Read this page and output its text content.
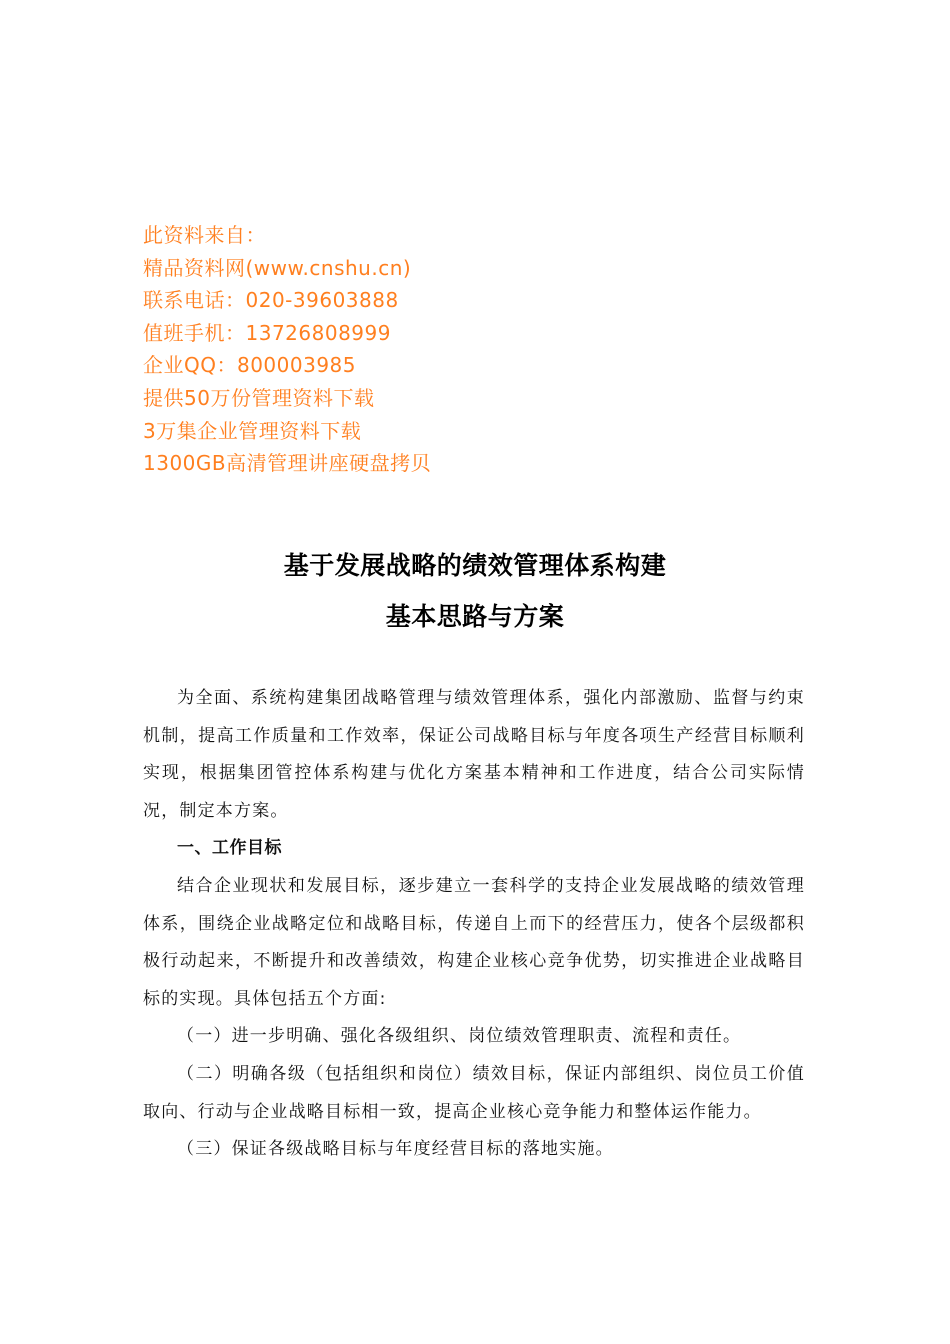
此资料来自：
精品资料网(www.cnshu.cn)
联系电话：020-39603888
值班手机：13726808999
企业QQ：800003985
提供50万份管理资料下载
3万集企业管理资料下载
1300GB高清管理讲座硬盘拷贝
基于发展战略的绩效管理体系构建
基本思路与方案

为全面、系统构建集团战略管理与绩效管理体系，强化内部激励、监督与约束机制，提高工作质量和工作效率，保证公司战略目标与年度各项生产经营目标顺利实现，根据集团管控体系构建与优化方案基本精神和工作进度，结合公司实际情况，制定本方案。

一、工作目标

结合企业现状和发展目标，逐步建立一套科学的支持企业发展战略的绩效管理体系，围绕企业战略定位和战略目标，传递自上而下的经营压力，使各个层级都积极行动起来，不断提升和改善绩效，构建企业核心竞争优势，切实推进企业战略目标的实现。具体包括五个方面:

（一）进一步明确、强化各级组织、岗位绩效管理职责、流程和责任。

（二）明确各级（包括组织和岗位）绩效目标，保证内部组织、岗位员工价值取向、行动与企业战略目标相一致，提高企业核心竞争能力和整体运作能力。

（三）保证各级战略目标与年度经营目标的落地实施。
